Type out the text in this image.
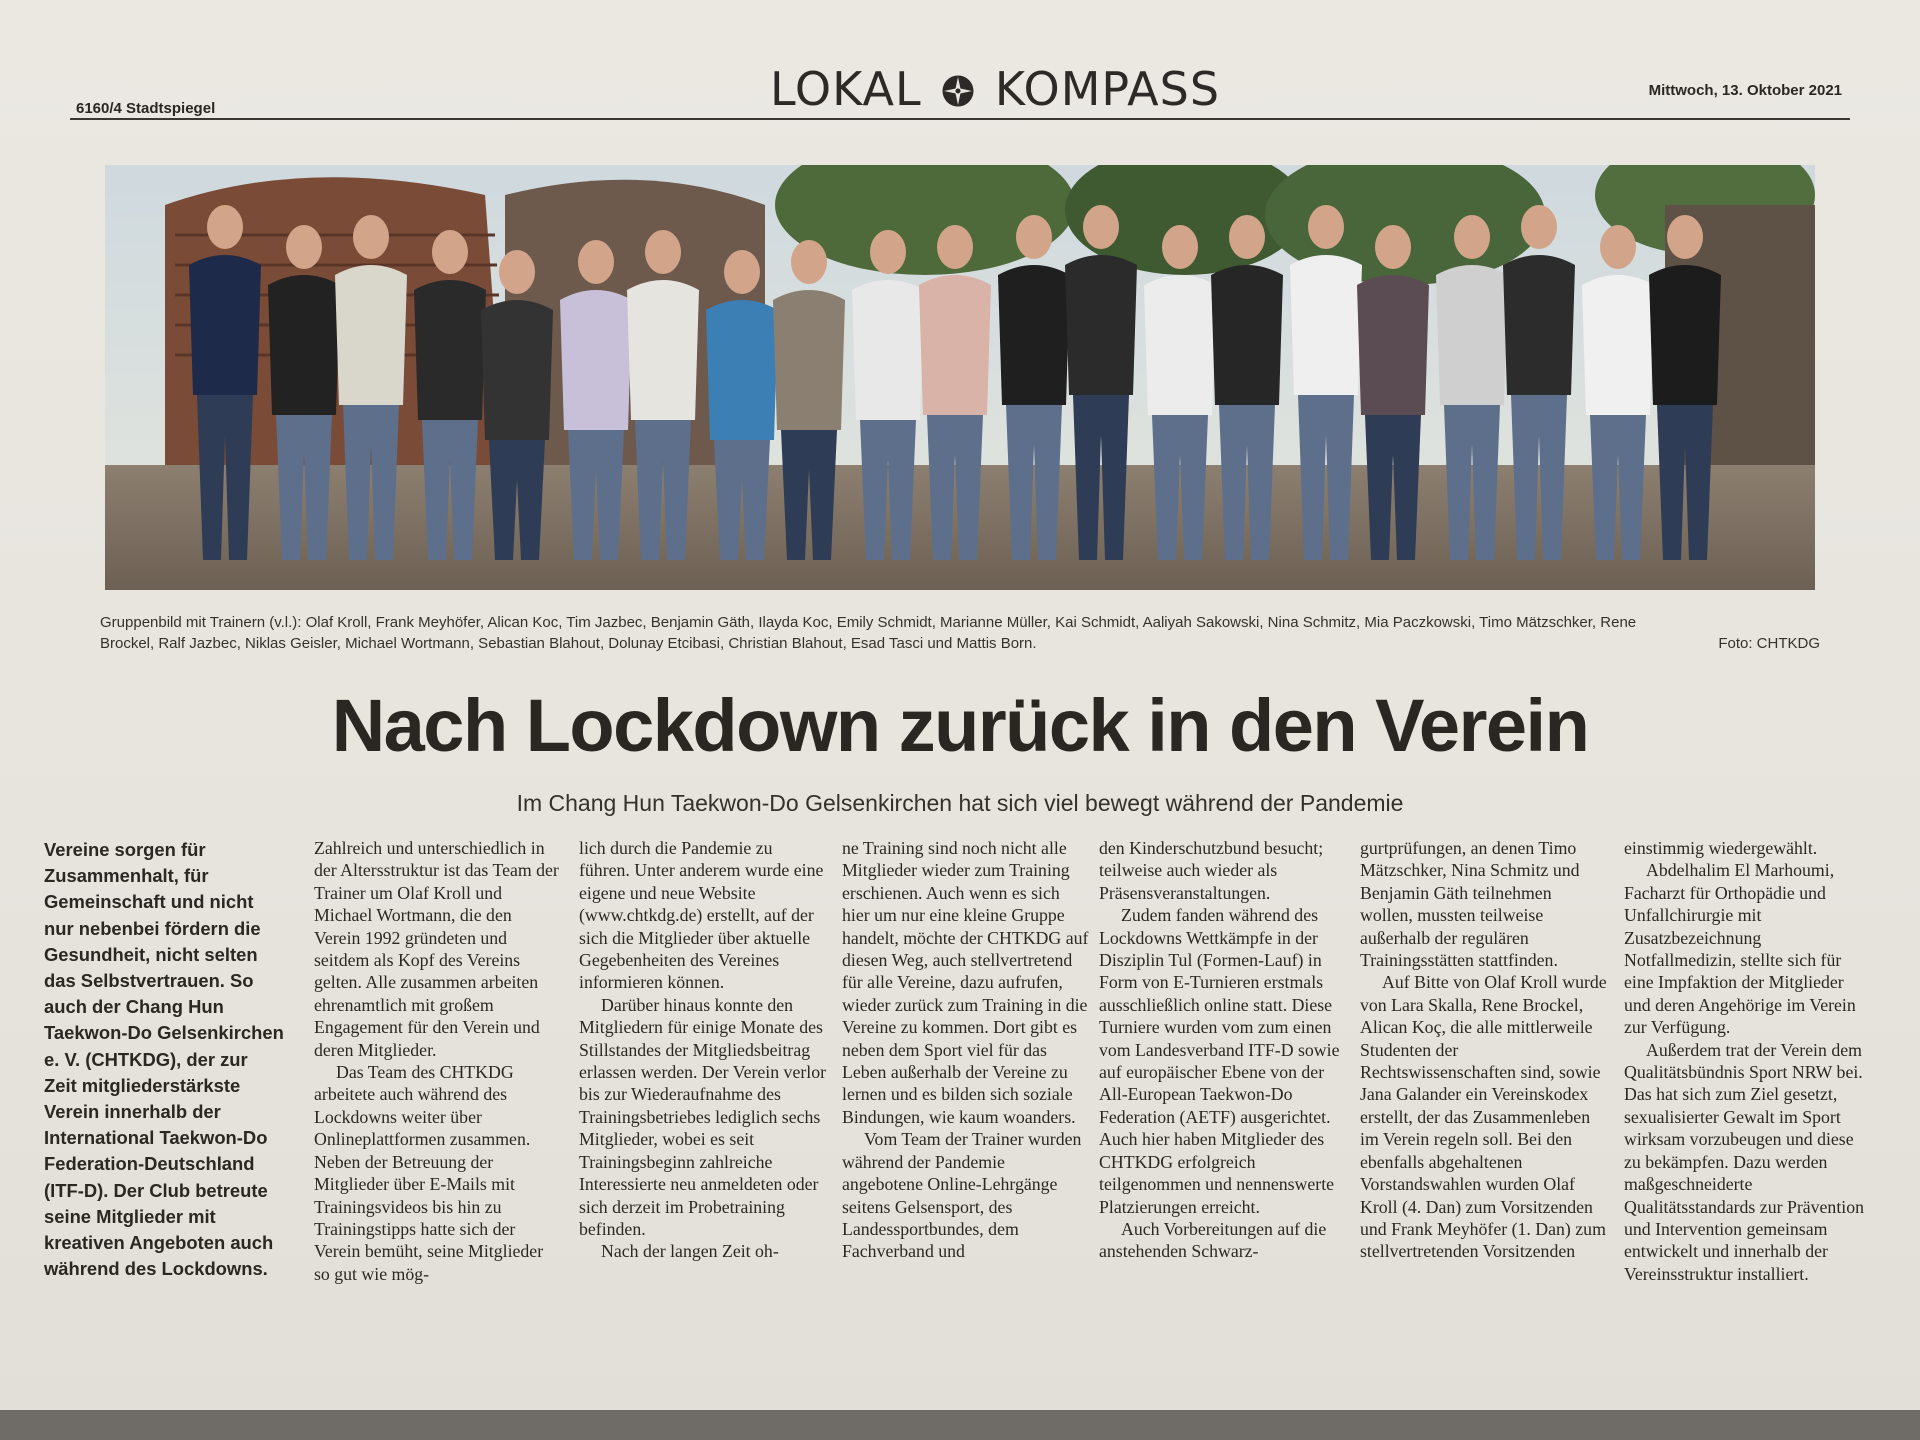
6160/4 Stadtspiegel	LOKAL KOMPASS	Mittwoch, 13. Oktober 2021
Gruppenbild mit Trainern (v.l.): Olaf Kroll, Frank Meyhöfer, Alican Koc, Tim Jazbec, Benjamin Gäth, Ilayda Koc, Emily Schmidt, Marianne Müller, Kai Schmidt, Aaliyah Sakowski, Nina Schmitz, Mia Paczkowski, Timo Mätzschker, Rene
Brockel, Ralf Jazbec, Niklas Geisler, Michael Wortmann, Sebastian Blahout, Dolunay Etcibasi, Christian Blahout, Esad Tasci und Mattis Born.	Foto: CHTKDG
Nach Lockdown zurück in den Verein
Im Chang Hun Taekwon-Do Gelsenkirchen hat sich viel bewegt während der Pandemie

Vereine sorgen für Zusammenhalt, für Gemeinschaft und nicht nur nebenbei fördern die Gesundheit, nicht selten das Selbstvertrauen. So auch der Chang Hun Taekwon-Do Gelsenkirchen e. V. (CHTKDG), der zur Zeit mitgliederstärkste Verein innerhalb der International Taekwon-Do Federation-Deutschland (ITF-D). Der Club betreute seine Mitglieder mit kreativen Angeboten auch während des Lockdowns.

Zahlreich und unterschiedlich in der Altersstruktur ist das Team der Trainer um Olaf Kroll und Michael Wortmann, die den Verein 1992 gründeten und seitdem als Kopf des Vereins gelten. Alle zusammen arbeiten ehrenamtlich mit großem Engagement für den Verein und deren Mitglieder.

Das Team des CHTKDG arbeitete auch während des Lockdowns weiter über Onlineplattformen zusammen. Neben der Betreuung der Mitglieder über E-Mails mit Trainingsvideos bis hin zu Trainingstipps hatte sich der Verein bemüht, seine Mitglieder so gut wie mög-

lich durch die Pandemie zu führen. Unter anderem wurde eine eigene und neue Website (www.chtkdg.de) erstellt, auf der sich die Mitglieder über aktuelle Gegebenheiten des Vereines informieren können.

Darüber hinaus konnte den Mitgliedern für einige Monate des Stillstandes der Mitgliedsbeitrag erlassen werden. Der Verein verlor bis zur Wiederaufnahme des Trainingsbetriebes lediglich sechs Mitglieder, wobei es seit Trainingsbeginn zahlreiche Interessierte neu anmeldeten oder sich derzeit im Probetraining befinden.

Nach der langen Zeit oh-

ne Training sind noch nicht alle Mitglieder wieder zum Training erschienen. Auch wenn es sich hier um nur eine kleine Gruppe handelt, möchte der CHTKDG auf diesen Weg, auch stellvertretend für alle Vereine, dazu aufrufen, wieder zurück zum Training in die Vereine zu kommen. Dort gibt es neben dem Sport viel für das Leben außerhalb der Vereine zu lernen und es bilden sich soziale Bindungen, wie kaum woanders.

Vom Team der Trainer wurden während der Pandemie angebotene Online-Lehrgänge seitens Gelsensport, des Landessportbundes, dem Fachverband und

den Kinderschutzbund besucht; teilweise auch wieder als Präsensveranstaltungen.

Zudem fanden während des Lockdowns Wettkämpfe in der Disziplin Tul (Formen-Lauf) in Form von E-Turnieren erstmals ausschließlich online statt. Diese Turniere wurden vom zum einen vom Landesverband ITF-D sowie auf europäischer Ebene von der All-European Taekwon-Do Federation (AETF) ausgerichtet. Auch hier haben Mitglieder des CHTKDG erfolgreich teilgenommen und nennenswerte Platzierungen erreicht.

Auch Vorbereitungen auf die anstehenden Schwarz-

gurtprüfungen, an denen Timo Mätzschker, Nina Schmitz und Benjamin Gäth teilnehmen wollen, mussten teilweise außerhalb der regulären Trainingsstätten stattfinden.

Auf Bitte von Olaf Kroll wurde von Lara Skalla, Rene Brockel, Alican Koç, die alle mittlerweile Studenten der Rechtswissenschaften sind, sowie Jana Galander ein Vereinskodex erstellt, der das Zusammenleben im Verein regeln soll. Bei den ebenfalls abgehaltenen Vorstandswahlen wurden Olaf Kroll (4. Dan) zum Vorsitzenden und Frank Meyhöfer (1. Dan) zum stellvertretenden Vorsitzenden

einstimmig wiedergewählt.

Abdelhalim El Marhoumi, Facharzt für Orthopädie und Unfallchirurgie mit Zusatzbezeichnung Notfallmedizin, stellte sich für eine Impfaktion der Mitglieder und deren Angehörige im Verein zur Verfügung.

Außerdem trat der Verein dem Qualitätsbündnis Sport NRW bei. Das hat sich zum Ziel gesetzt, sexualisierter Gewalt im Sport wirksam vorzubeugen und diese zu bekämpfen. Dazu werden maßgeschneiderte Qualitätsstandards zur Prävention und Intervention gemeinsam entwickelt und innerhalb der Vereinsstruktur installiert.
